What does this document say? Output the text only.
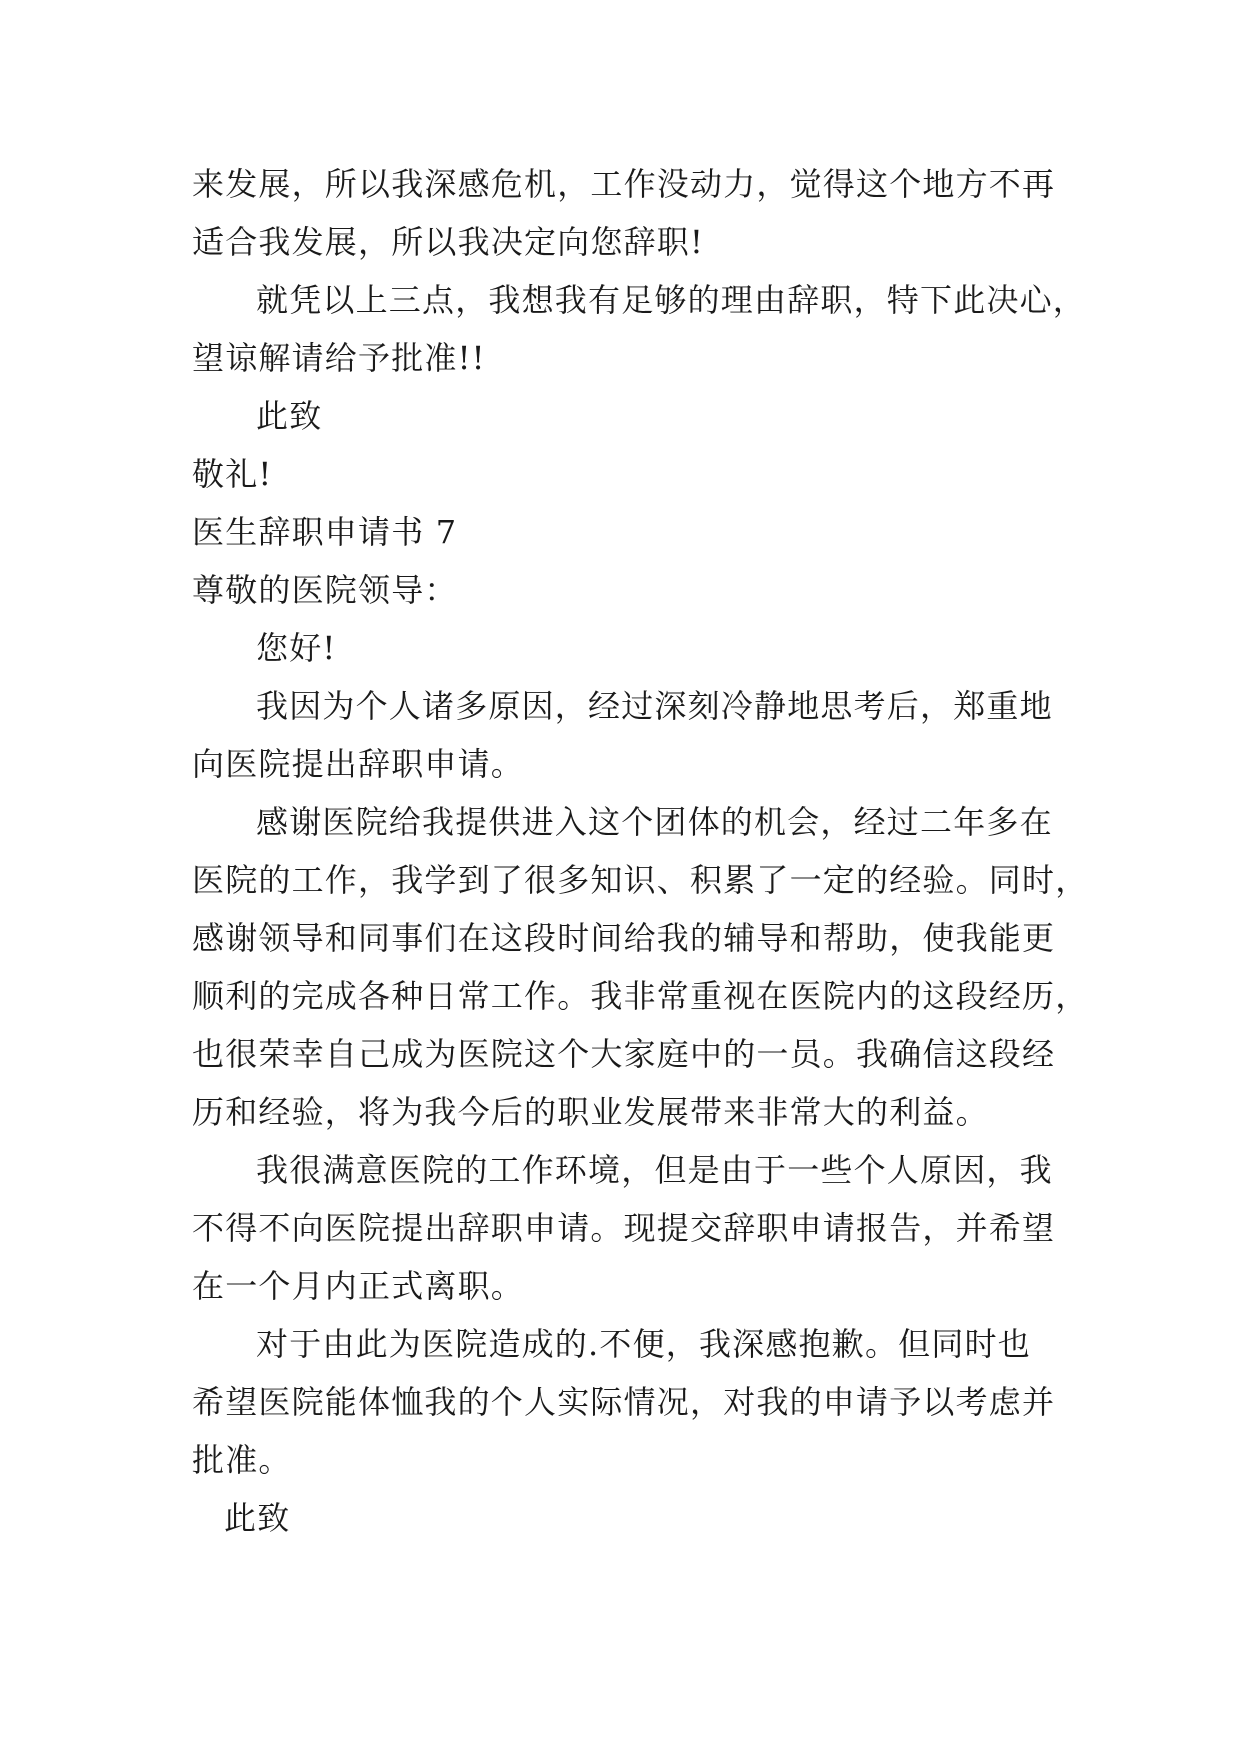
来发展，所以我深感危机，工作没动力，觉得这个地方不再
适合我发展，所以我决定向您辞职!
就凭以上三点，我想我有足够的理由辞职，特下此决心，
望谅解请给予批准!!
此致
敬礼!
医生辞职申请书 7
尊敬的医院领导：
您好!
我因为个人诸多原因，经过深刻冷静地思考后，郑重地
向医院提出辞职申请。
感谢医院给我提供进入这个团体的机会，经过二年多在
医院的工作，我学到了很多知识、积累了一定的经验。同时，
感谢领导和同事们在这段时间给我的辅导和帮助，使我能更
顺利的完成各种日常工作。我非常重视在医院内的这段经历，
也很荣幸自己成为医院这个大家庭中的一员。我确信这段经
历和经验，将为我今后的职业发展带来非常大的利益。
我很满意医院的工作环境，但是由于一些个人原因，我
不得不向医院提出辞职申请。现提交辞职申请报告，并希望
在一个月内正式离职。
对于由此为医院造成的.不便，我深感抱歉。但同时也
希望医院能体恤我的个人实际情况，对我的申请予以考虑并
批准。
此致
